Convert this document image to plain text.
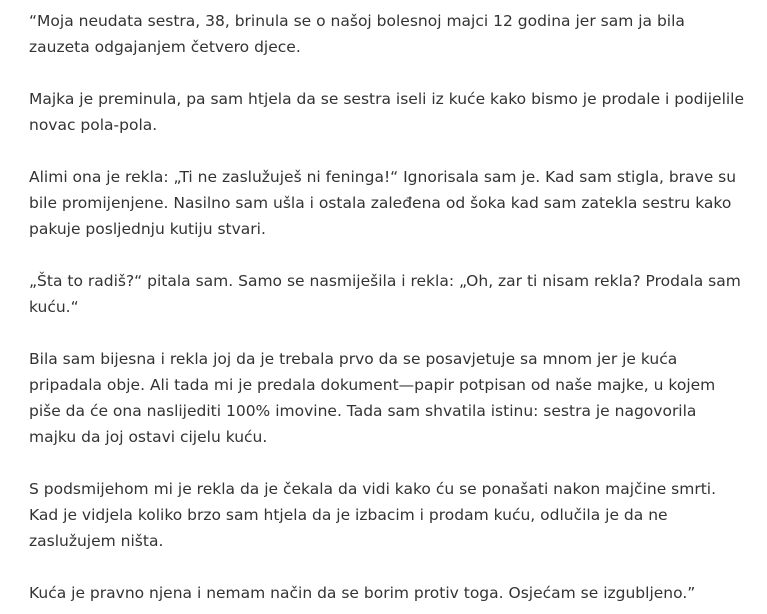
“Moja neudata sestra, 38, brinula se o našoj bolesnoj majci 12 godina jer sam ja bila zauzeta odgajanjem četvero djece.

Majka je preminula, pa sam htjela da se sestra iseli iz kuće kako bismo je prodale i podijelile novac pola-pola.

Alimi ona je rekla: „Ti ne zaslužuješ ni feninga!“ Ignorisala sam je. Kad sam stigla, brave su bile promijenjene. Nasilno sam ušla i ostala zaleđena od šoka kad sam zatekla sestru kako pakuje posljednju kutiju stvari.

„Šta to radiš?“ pitala sam. Samo se nasmiješila i rekla: „Oh, zar ti nisam rekla? Prodala sam kuću.“

Bila sam bijesna i rekla joj da je trebala prvo da se posavjetuje sa mnom jer je kuća pripadala obje. Ali tada mi je predala dokument—papir potpisan od naše majke, u kojem piše da će ona naslijediti 100% imovine. Tada sam shvatila istinu: sestra je nagovorila majku da joj ostavi cijelu kuću.

S podsmijehom mi je rekla da je čekala da vidi kako ću se ponašati nakon majčine smrti. Kad je vidjela koliko brzo sam htjela da je izbacim i prodam kuću, odlučila je da ne zaslužujem ništa.

Kuća je pravno njena i nemam način da se borim protiv toga. Osjećam se izgubljeno.”
